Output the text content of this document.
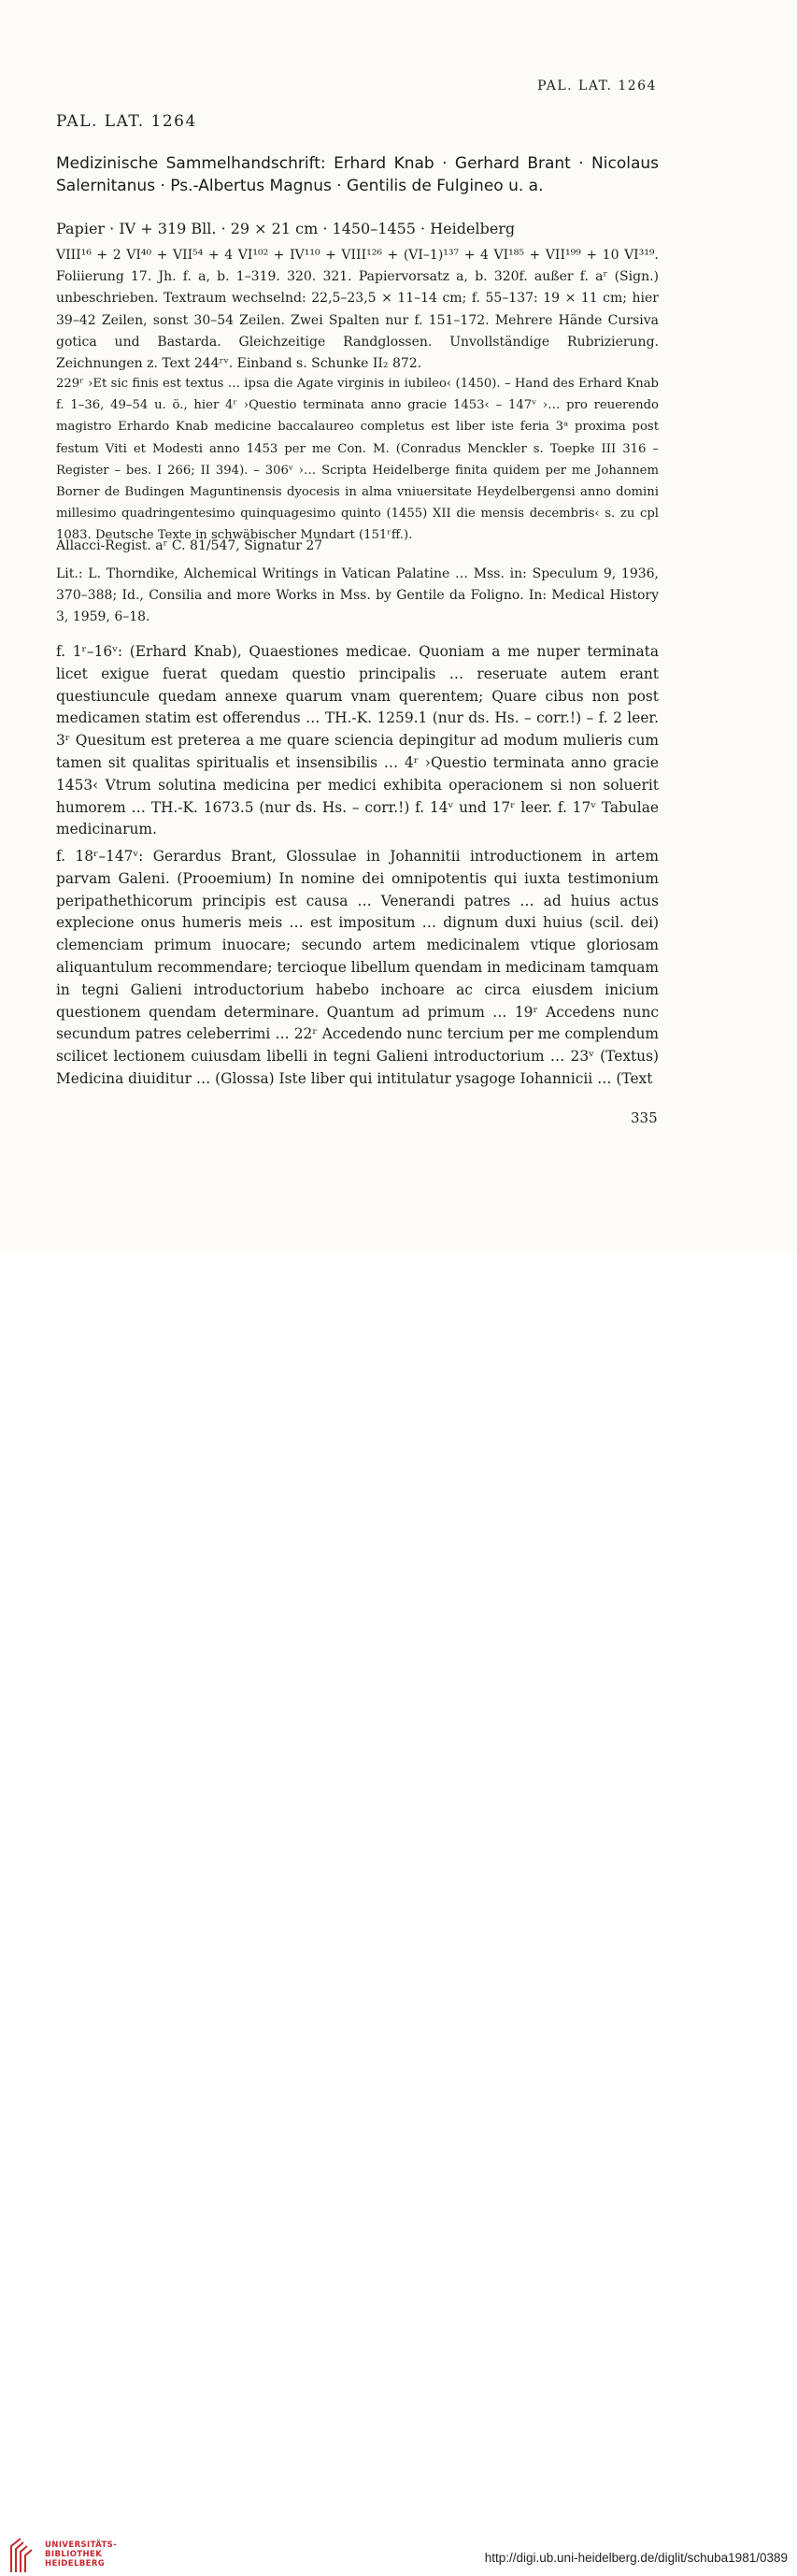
PAL. LAT. 1264
PAL. LAT. 1264
Medizinische Sammelhandschrift: Erhard Knab · Gerhard Brant · Nicolaus Salernitanus · Ps.-Albertus Magnus · Gentilis de Fulgineo u. a.
Papier · IV + 319 Bll. · 29 × 21 cm · 1450–1455 · Heidelberg

VIII¹⁶ + 2 VI⁴⁰ + VII⁵⁴ + 4 VI¹⁰² + IV¹¹⁰ + VIII¹²⁶ + (VI–1)¹³⁷ + 4 VI¹⁸⁵ + VII¹⁹⁹ + 10 VI³¹⁹. Foliierung 17. Jh. f. a, b. 1–319. 320. 321. Papiervorsatz a, b. 320f. außer f. aʳ (Sign.) unbeschrieben. Textraum wechselnd: 22,5–23,5 × 11–14 cm; f. 55–137: 19 × 11 cm; hier 39–42 Zeilen, sonst 30–54 Zeilen. Zwei Spalten nur f. 151–172. Mehrere Hände Cursiva gotica und Bastarda. Gleichzeitige Randglossen. Unvollständige Rubrizierung. Zeichnungen z. Text 244ʳᵛ. Einband s. Schunke II₂ 872.

229ʳ ›Et sic finis est textus … ipsa die Agate virginis in iubileo‹ (1450). – Hand des Erhard Knab f. 1–36, 49–54 u. ö., hier 4ʳ ›Questio terminata anno gracie 1453‹ – 147ᵛ ›… pro reuerendo magistro Erhardo Knab medicine baccalaureo completus est liber iste feria 3ᵃ proxima post festum Viti et Modesti anno 1453 per me Con. M. (Conradus Menckler s. Toepke III 316 – Register – bes. I 266; II 394). – 306ᵛ ›… Scripta Heidelberge finita quidem per me Johannem Borner de Budingen Maguntinensis dyocesis in alma vniuersitate Heydelbergensi anno domini millesimo quadringentesimo quinquagesimo quinto (1455) XII die mensis decembris‹ s. zu cpl 1083. Deutsche Texte in schwäbischer Mundart (151ʳff.).

Allacci-Regist. aʳ C. 81/547, Signatur 27

Lit.: L. Thorndike, Alchemical Writings in Vatican Palatine … Mss. in: Speculum 9, 1936, 370–388; Id., Consilia and more Works in Mss. by Gentile da Foligno. In: Medical History 3, 1959, 6–18.

f. 1ʳ–16ᵛ: (Erhard Knab), Quaestiones medicae. Quoniam a me nuper terminata licet exigue fuerat quedam questio principalis … reseruate autem erant questiuncule quedam annexe quarum vnam querentem; Quare cibus non post medicamen statim est offerendus … TH.-K. 1259.1 (nur ds. Hs. – corr.!) – f. 2 leer. 3ʳ Quesitum est preterea a me quare sciencia depingitur ad modum mulieris cum tamen sit qualitas spiritualis et insensibilis … 4ʳ ›Questio terminata anno gracie 1453‹ Vtrum solutina medicina per medici exhibita operacionem si non soluerit humorem … TH.-K. 1673.5 (nur ds. Hs. – corr.!) f. 14ᵛ und 17ʳ leer. f. 17ᵛ Tabulae medicinarum.

f. 18ʳ–147ᵛ: Gerardus Brant, Glossulae in Johannitii introductionem in artem parvam Galeni. (Prooemium) In nomine dei omnipotentis qui iuxta testimonium peripathethicorum principis est causa … Venerandi patres … ad huius actus explecione onus humeris meis … est impositum … dignum duxi huius (scil. dei) clemenciam primum inuocare; secundo artem medicinalem vtique gloriosam aliquantulum recommendare; tercioque libellum quendam in medicinam tamquam in tegni Galieni introductorium habebo inchoare ac circa eiusdem inicium questionem quendam determinare. Quantum ad primum … 19ʳ Accedens nunc secundum patres celeberrimi … 22ʳ Accedendo nunc tercium per me complendum scilicet lectionem cuiusdam libelli in tegni Galieni introductorium … 23ᵛ (Textus) Medicina diuiditur … (Glossa) Iste liber qui intitulatur ysagoge Iohannicii … (Text

335
UNIVERSITÄTS-
BIBLIOTHEK
HEIDELBERG	http://digi.ub.uni-heidelberg.de/diglit/schuba1981/0389
